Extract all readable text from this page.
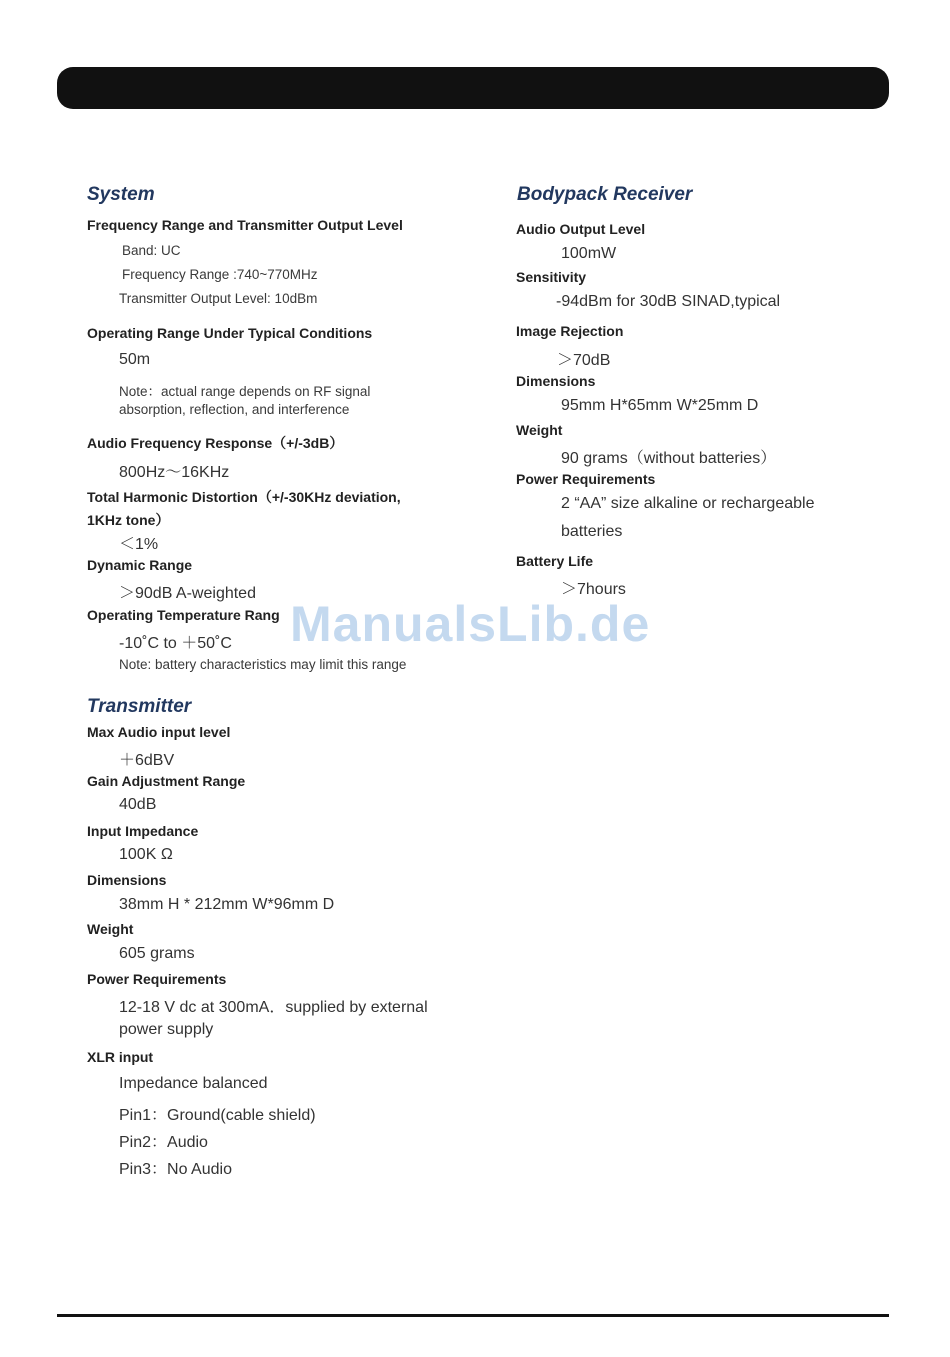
ManualsLib.de
System
Frequency Range and Transmitter Output Level
Band: UC
Frequency Range :740~770MHz
Transmitter Output Level: 10dBm
Operating Range Under Typical Conditions
50m
Note：actual range depends on RF signal
absorption, reflection, and interference
Audio Frequency Response（+/-3dB）
800Hz～16KHz
Total Harmonic Distortion（+/-30KHz deviation,
1KHz tone）
＜1%
Dynamic Range
＞90dB A-weighted
Operating Temperature Rang
-10˚C to ＋50˚C
Note: battery characteristics may limit this range
Transmitter
Max Audio input level
＋6dBV
Gain Adjustment Range
40dB
Input Impedance
100K Ω
Dimensions
38mm H * 212mm W*96mm D
Weight
605 grams
Power Requirements
12-18 V dc at 300mA．supplied by external
power supply
XLR input
Impedance balanced
Pin1：Ground(cable shield)
Pin2：Audio
Pin3：No Audio
Bodypack Receiver
Audio Output Level
100mW
Sensitivity
-94dBm for 30dB SINAD,typical
Image Rejection
＞70dB
Dimensions
95mm H*65mm W*25mm D
Weight
90 grams（without batteries）
Power Requirements
2 “AA” size alkaline or rechargeable
batteries
Battery Life
＞7hours
